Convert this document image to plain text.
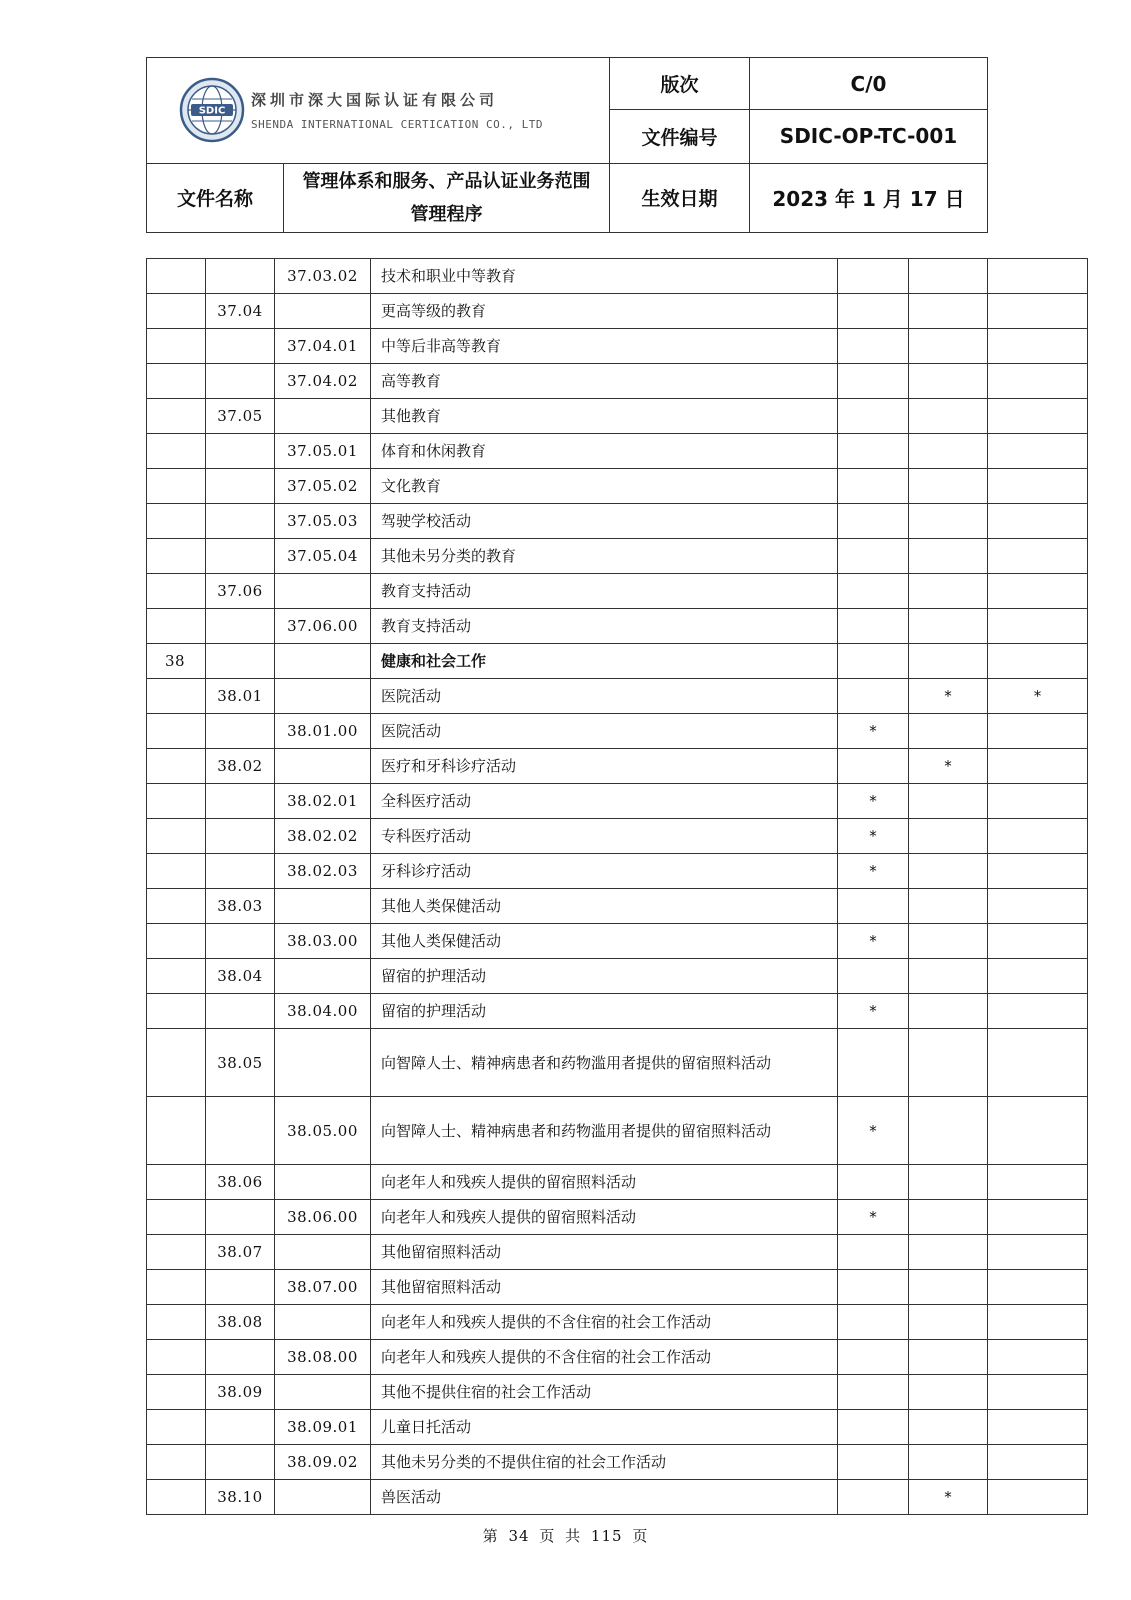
SDIC
深圳市深大国际认证有限公司
SHENDA INTERNATIONAL CERTICATION CO., LTD		版次	C/0
		文件编号	SDIC-OP-TC-001
文件名称	管理体系和服务、产品认证业务范围管理程序	生效日期	2023 年 1 月 17 日
		37.03.02	技术和职业中等教育			
	37.04		更高等级的教育			
		37.04.01	中等后非高等教育			
		37.04.02	高等教育			
	37.05		其他教育			
		37.05.01	体育和休闲教育			
		37.05.02	文化教育			
		37.05.03	驾驶学校活动			
		37.05.04	其他未另分类的教育			
	37.06		教育支持活动			
		37.06.00	教育支持活动			
38			健康和社会工作			
	38.01		医院活动		*	*
		38.01.00	医院活动	*		
	38.02		医疗和牙科诊疗活动		*	
		38.02.01	全科医疗活动	*		
		38.02.02	专科医疗活动	*		
		38.02.03	牙科诊疗活动	*		
	38.03		其他人类保健活动			
		38.03.00	其他人类保健活动	*		
	38.04		留宿的护理活动			
		38.04.00	留宿的护理活动	*		
	38.05		向智障人士、精神病患者和药物滥用者提供的留宿照料活动			
		38.05.00	向智障人士、精神病患者和药物滥用者提供的留宿照料活动	*		
	38.06		向老年人和残疾人提供的留宿照料活动			
		38.06.00	向老年人和残疾人提供的留宿照料活动	*		
	38.07		其他留宿照料活动			
		38.07.00	其他留宿照料活动			
	38.08		向老年人和残疾人提供的不含住宿的社会工作活动			
		38.08.00	向老年人和残疾人提供的不含住宿的社会工作活动			
	38.09		其他不提供住宿的社会工作活动			
		38.09.01	儿童日托活动			
		38.09.02	其他未另分类的不提供住宿的社会工作活动			
	38.10		兽医活动		*	
第 34 页 共 115 页
